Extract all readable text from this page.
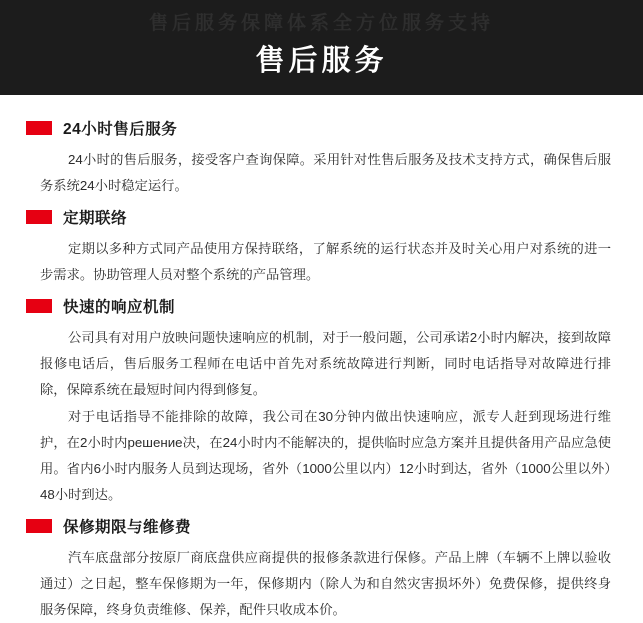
售后服务保障体系全方位服务支持
售后服务
24小时售后服务

24小时的售后服务，接受客户查询保障。采用针对性售后服务及技术支持方式，确保售后服务系统24小时稳定运行。

定期联络

定期以多种方式同产品使用方保持联络，了解系统的运行状态并及时关心用户对系统的进一步需求。协助管理人员对整个系统的产品管理。

快速的响应机制

公司具有对用户放映问题快速响应的机制，对于一般问题，公司承诺2小时内解决，接到故障报修电话后，售后服务工程师在电话中首先对系统故障进行判断，同时电话指导对故障进行排除，保障系统在最短时间内得到修复。

对于电话指导不能排除的故障，我公司在30分钟内做出快速响应，派专人赶到现场进行维护，在2小时内решение决，在24小时内不能解决的，提供临时应急方案并且提供备用产品应急使用。省内6小时内服务人员到达现场，省外（1000公里以内）12小时到达，省外（1000公里以外）48小时到达。

保修期限与维修费

汽车底盘部分按原厂商底盘供应商提供的报修条款进行保修。产品上牌（车辆不上牌以验收通过）之日起，整车保修期为一年，保修期内（除人为和自然灾害损坏外）免费保修，提供终身服务保障，终身负责维修、保养，配件只收成本价。
